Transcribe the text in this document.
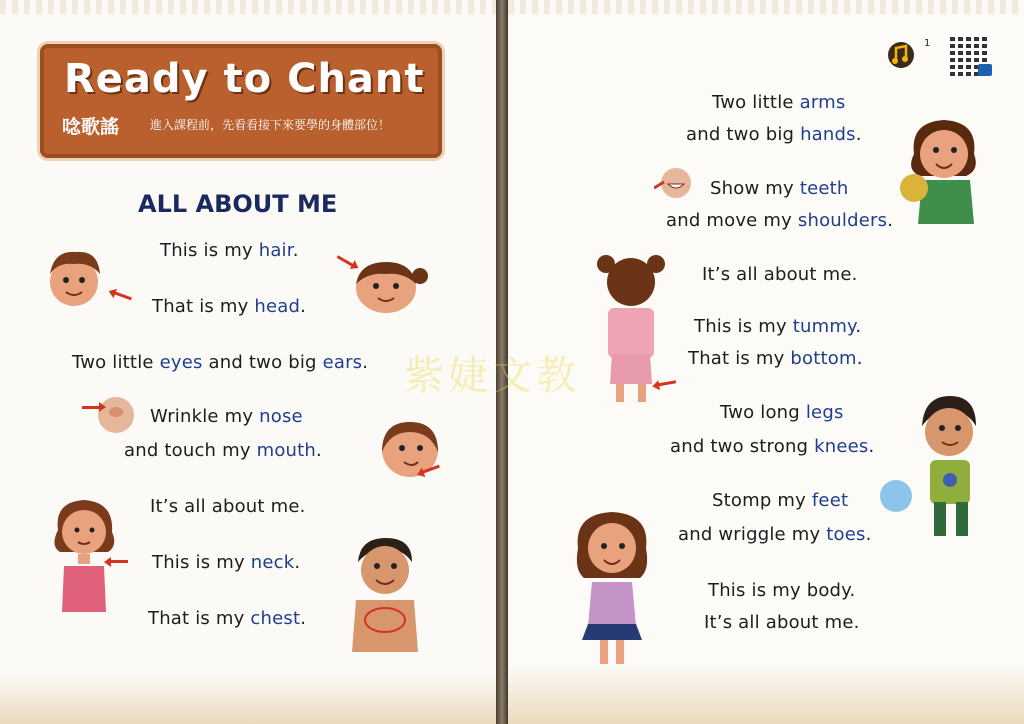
Ready to Chant
唸歌謠	進入課程前，先看看接下來要學的身體部位！
ALL ABOUT ME
This is my hair.
That is my head.
Two little eyes and two big ears.
Wrinkle my nose
and touch my mouth.
It’s all about me.
This is my neck.
That is my chest.
1
Two little arms
and two big hands.
Show my teeth
and move my shoulders.
It’s all about me.
This is my tummy.
That is my bottom.
Two long legs
and two strong knees.
Stomp my feet
and wriggle my toes.
This is my body.
It’s all about me.
紫婕文教
